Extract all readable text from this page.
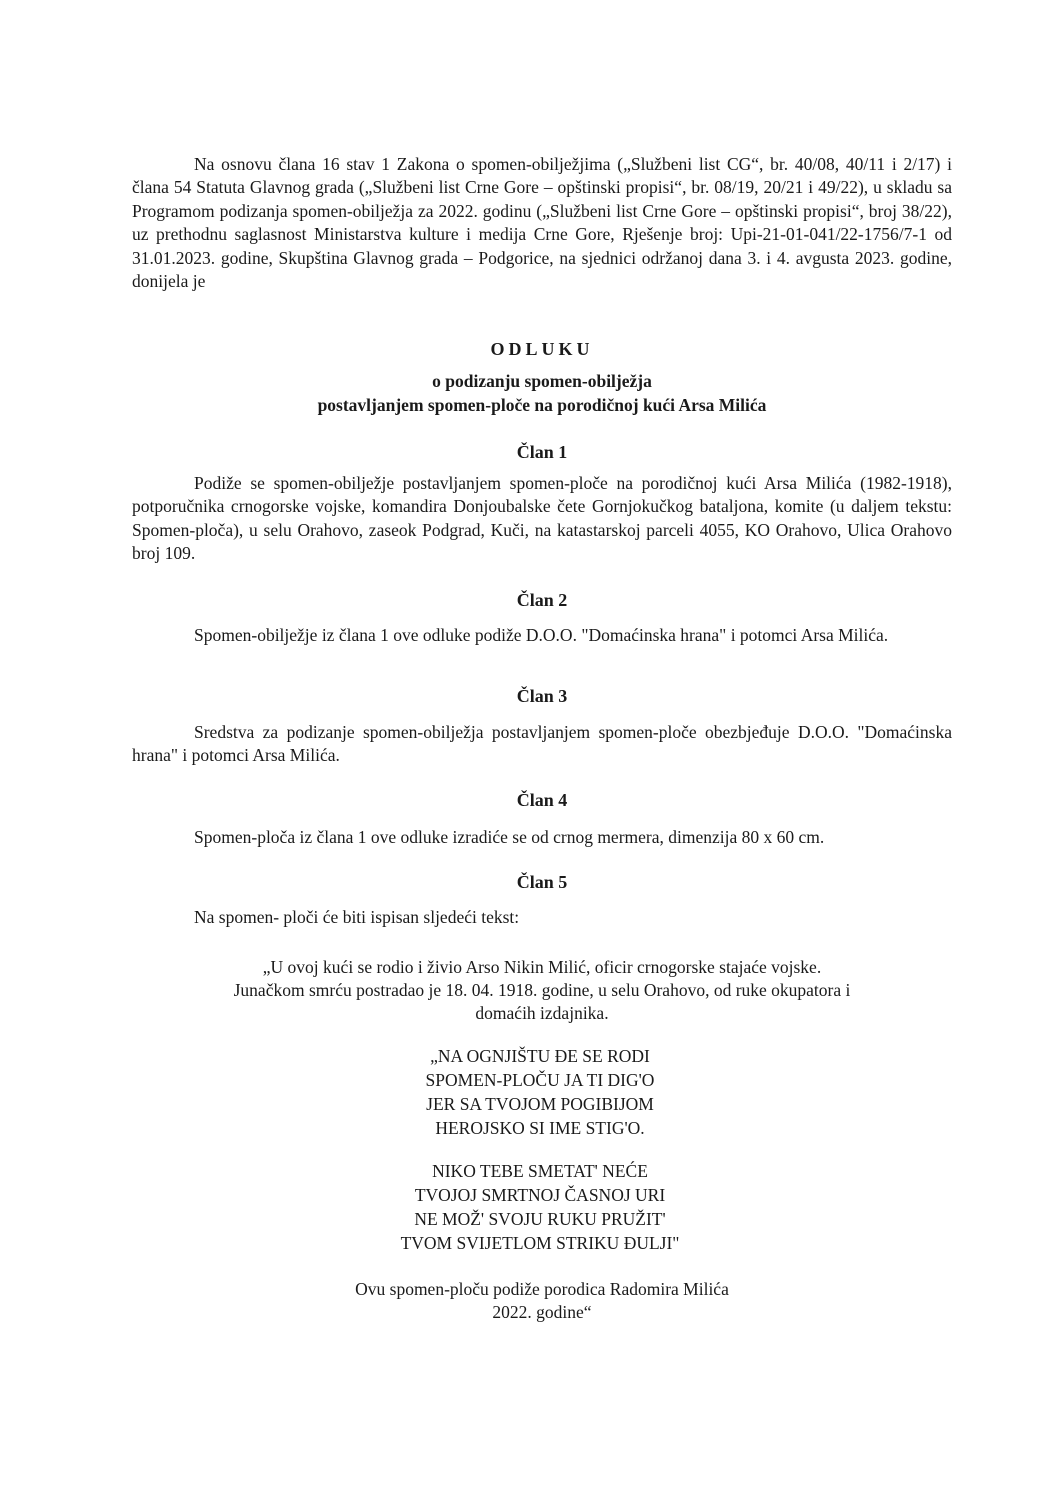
Na osnovu člana 16 stav 1 Zakona o spomen-obilježjima („Službeni list CG“, br. 40/08, 40/11 i 2/17) i člana 54 Statuta Glavnog grada („Službeni list Crne Gore – opštinski propisi“, br. 08/19, 20/21 i 49/22), u skladu sa Programom podizanja spomen-obilježja za 2022. godinu („Službeni list Crne Gore – opštinski propisi“, broj 38/22), uz prethodnu saglasnost Ministarstva kulture i medija Crne Gore, Rješenje broj: Upi-21-01-041/22-1756/7-1 od 31.01.2023. godine, Skupština Glavnog grada – Podgorice, na sjednici održanoj dana 3. i 4. avgusta 2023. godine, donijela je
ODLUKU
o podizanju spomen-obilježja
postavljanjem spomen-ploče na porodičnoj kući Arsa Milića
Član 1
Podiže se spomen-obilježje postavljanjem spomen-ploče na porodičnoj kući Arsa Milića (1982-1918), potporučnika crnogorske vojske, komandira Donjoubalske čete Gornjokučkog bataljona, komite (u daljem tekstu: Spomen-ploča), u selu Orahovo, zaseok Podgrad, Kuči, na katastarskoj parceli 4055, KO Orahovo, Ulica Orahovo broj 109.
Član 2
Spomen-obilježje iz člana 1 ove odluke podiže D.O.O. "Domaćinska hrana" i potomci Arsa Milića.
Član 3
Sredstva za podizanje spomen-obilježja postavljanjem spomen-ploče obezbjeđuje D.O.O. "Domaćinska hrana" i potomci Arsa Milića.
Član 4
Spomen-ploča iz člana 1 ove odluke izradiće se od crnog mermera, dimenzija 80 x 60 cm.
Član 5
Na spomen- ploči će biti ispisan sljedeći tekst:
„U ovoj kući se rodio i živio Arso Nikin Milić, oficir crnogorske stajaće vojske.
Junačkom smrću postradao je 18. 04. 1918. godine, u selu Orahovo, od ruke okupatora i
domaćih izdajnika.
„NA OGNJIŠTU ĐE SE RODI
SPOMEN-PLOČU JA TI DIG'O
JER SA TVOJOM POGIBIJOM
HEROJSKO SI IME STIG'O.
NIKO TEBE SMETAT' NEĆE
TVOJOJ SMRTNOJ ČASNOJ URI
NE MOŽ' SVOJU RUKU PRUŽIT'
TVOM SVIJETLOM STRIKU ĐULJI"
Ovu spomen-ploču podiže porodica Radomira Milića
2022. godine“
